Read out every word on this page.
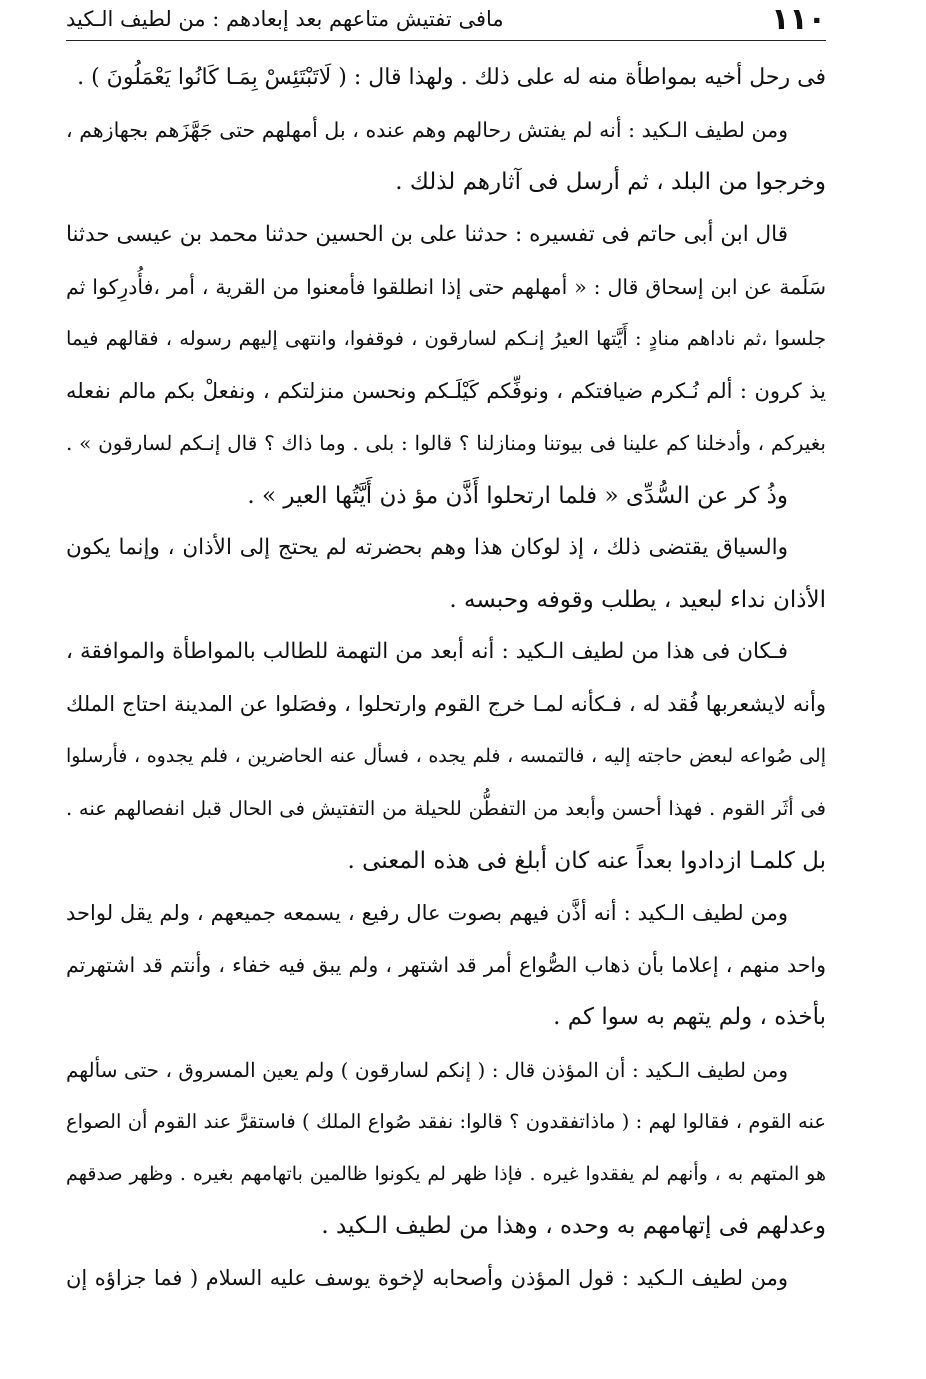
١١٠
مافى تفتيش متاعهم بعد إبعادهم : من لطيف الـكيد
فى رحل أخيه بمواطأة منه له على ذلك . ولهذا قال : ( لَاتَبْتَئِسْ بِمَـا كَانُوا يَعْمَلُونَ ) .
ومن لطيف الـكيد : أنه لم يفتش رحالهم وهم عنده ، بل أمهلهم حتى جَهَّزَهم بجهازهم ،
وخرجوا من البلد ، ثم أرسل فى آثارهم لذلك .
قال ابن أبى حاتم فى تفسيره : حدثنا على بن الحسين حدثنا محمد بن عيسى حدثنا
سَلَمة عن ابن إسحاق قال : « أمهلهم حتى إذا انطلقوا فأمعنوا من القرية ، أمر ،فأُدرِكوا ثم
جلسوا ،ثم ناداهم منادٍ : أَيَّتها العيرُ إنـكم لسارقون ، فوقفوا، وانتهى إليهم رسوله ، فقالهم فيما
يذ كرون : ألم نُـكرم ضيافتكم ، ونوفِّكم كَيْلَـكم ونحسن منزلتكم ، ونفعلْ بكم مالم نفعله
بغيركم ، وأدخلنا كم علينا فى بيوتنا ومنازلنا ؟ قالوا : بلى . وما ذاك ؟ قال إنـكم لسارقون » .
وذُ كر عن السُّدِّى « فلما ارتحلوا أَذَّن مؤ ذن أَيَّتُها العير » .
والسياق يقتضى ذلك ، إذ لوكان هذا وهم بحضرته لم يحتج إلى الأذان ، وإنما يكون
الأذان نداء لبعيد ، يطلب وقوفه وحبسه .
فـكان فى هذا من لطيف الـكيد : أنه أبعد من التهمة للطالب بالمواطأة والموافقة ،
وأنه لايشعربها فُقد له ، فـكأنه لمـا خرج القوم وارتحلوا ، وفصَلوا عن المدينة احتاج الملك
إلى صُواعه لبعض حاجته إليه ، فالتمسه ، فلم يجده ، فسأل عنه الحاضرين ، فلم يجدوه ، فأرسلوا
فى أثَر القوم . فهذا أحسن وأبعد من التفطُّن للحيلة من التفتيش فى الحال قبل انفصالهم عنه .
بل كلمـا ازدادوا بعداً عنه كان أبلغ فى هذه المعنى .
ومن لطيف الـكيد : أنه أذَّن فيهم بصوت عال رفيع ، يسمعه جميعهم ، ولم يقل لواحد
واحد منهم ، إعلاما بأن ذهاب الصُّواع أمر قد اشتهر ، ولم يبق فيه خفاء ، وأنتم قد اشتهرتم
بأخذه ، ولم يتهم به سوا كم .
ومن لطيف الـكيد : أن المؤذن قال : ( إنكم لسارقون ) ولم يعين المسروق ، حتى سألهم
عنه القوم ، فقالوا لهم : ( ماذاتفقدون ؟ قالوا: نفقد صُواع الملك ) فاستقرَّ عند القوم أن الصواع
هو المتهم به ، وأنهم لم يفقدوا غيره . فإذا ظهر لم يكونوا ظالمين باتهامهم بغيره . وظهر صدقهم
وعدلهم فى إتهامهم به وحده ، وهذا من لطيف الـكيد .
ومن لطيف الـكيد : قول المؤذن وأصحابه لإخوة يوسف عليه السلام ( فما جزاؤه إن
